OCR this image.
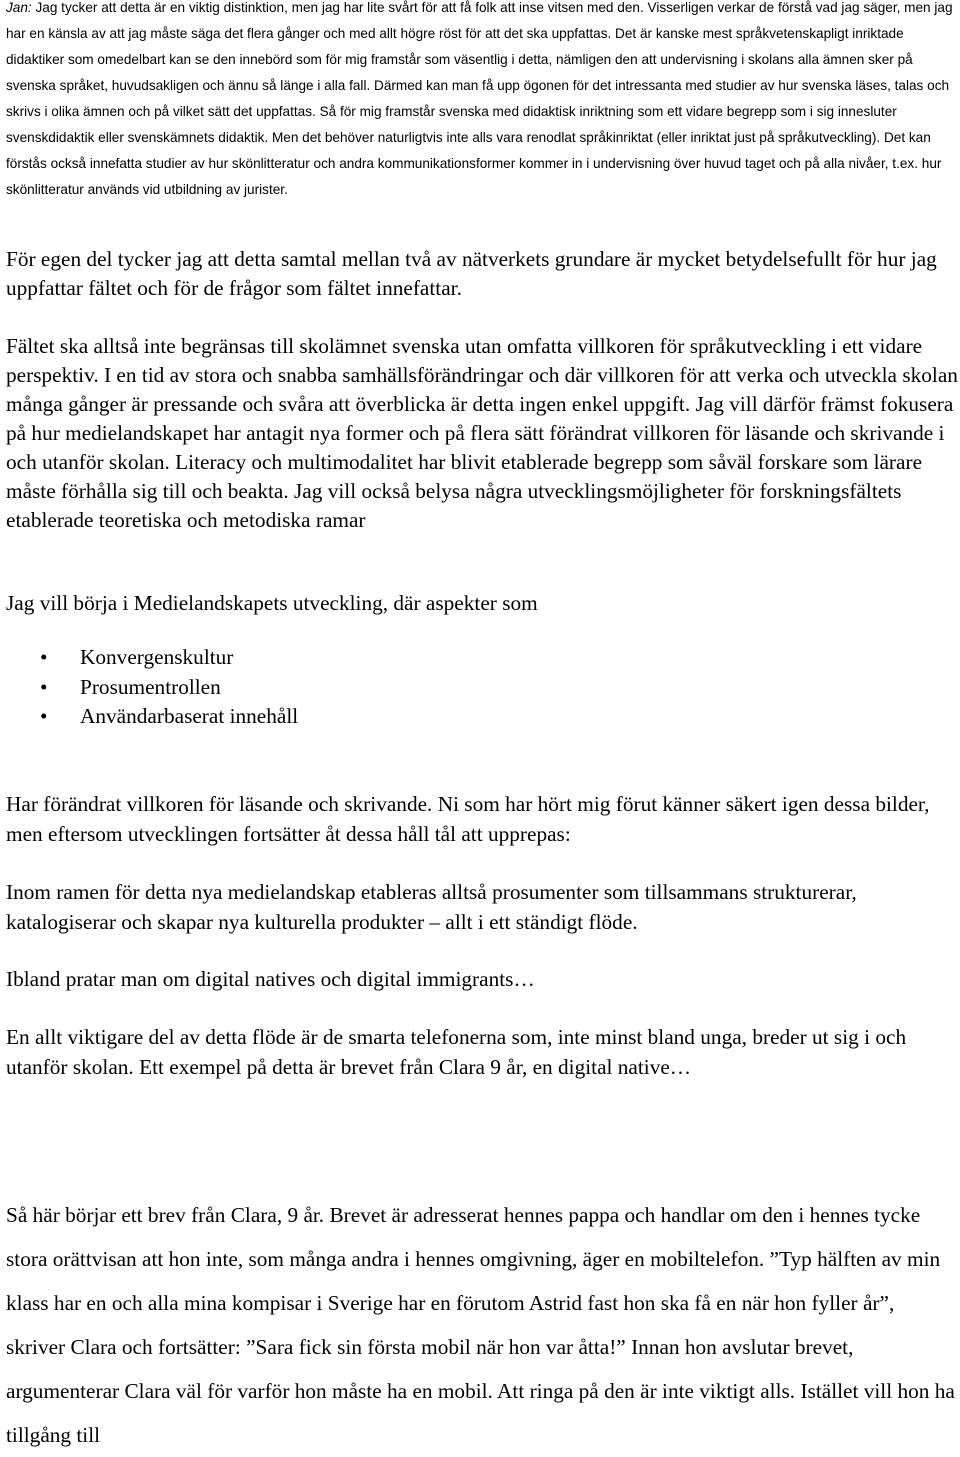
Jan: Jag tycker att detta är en viktig distinktion, men jag har lite svårt för att få folk att inse vitsen med den. Visserligen verkar de förstå vad jag säger, men jag har en känsla av att jag måste säga det flera gånger och med allt högre röst för att det ska uppfattas. Det är kanske mest språkvetenskapligt inriktade didaktiker som omedelbart kan se den innebörd som för mig framstår som väsentlig i detta, nämligen den att undervisning i skolans alla ämnen sker på svenska språket, huvudsakligen och ännu så länge i alla fall. Därmed kan man få upp ögonen för det intressanta med studier av hur svenska läses, talas och skrivs i olika ämnen och på vilket sätt det uppfattas. Så för mig framstår svenska med didaktisk inriktning som ett vidare begrepp som i sig innesluter svenskdidaktik eller svenskämnets didaktik. Men det behöver naturligtvis inte alls vara renodlat språkinriktat (eller inriktat just på språkutveckling). Det kan förstås också innefatta studier av hur skönlitteratur och andra kommunikationsformer kommer in i undervisning över huvud taget och på alla nivåer, t.ex. hur skönlitteratur används vid utbildning av jurister.

För egen del tycker jag att detta samtal mellan två av nätverkets grundare är mycket betydelsefullt för hur jag uppfattar fältet och för de frågor som fältet innefattar.

Fältet ska alltså inte begränsas till skolämnet svenska utan omfatta villkoren för språkutveckling i ett vidare perspektiv. I en tid av stora och snabba samhällsförändringar och där villkoren för att verka och utveckla skolan många gånger är pressande och svåra att överblicka är detta ingen enkel uppgift. Jag vill därför främst fokusera på hur medielandskapet har antagit nya former och på flera sätt förändrat villkoren för läsande och skrivande i och utanför skolan. Literacy och multimodalitet har blivit etablerade begrepp som såväl forskare som lärare måste förhålla sig till och beakta. Jag vill också belysa några utvecklingsmöjligheter för forskningsfältets etablerade teoretiska och metodiska ramar

Jag vill börja i Medielandskapets utveckling, där aspekter som

• Konvergenskultur
• Prosumentrollen
• Användarbaserat innehåll

Har förändrat villkoren för läsande och skrivande. Ni som har hört mig förut känner säkert igen dessa bilder, men eftersom utvecklingen fortsätter åt dessa håll tål att upprepas:

Inom ramen för detta nya medielandskap etableras alltså prosumenter som tillsammans strukturerar, katalogiserar och skapar nya kulturella produkter – allt i ett ständigt flöde.

Ibland pratar man om digital natives och digital immigrants…

En allt viktigare del av detta flöde är de smarta telefonerna som, inte minst bland unga, breder ut sig i och utanför skolan. Ett exempel på detta är brevet från Clara 9 år, en digital native…

Så här börjar ett brev från Clara, 9 år. Brevet är adresserat hennes pappa och handlar om den i hennes tycke stora orättvisan att hon inte, som många andra i hennes omgivning, äger en mobiltelefon. ”Typ hälften av min klass har en och alla mina kompisar i Sverige har en förutom Astrid fast hon ska få en när hon fyller år”, skriver Clara och fortsätter: ”Sara fick sin första mobil när hon var åtta!” Innan hon avslutar brevet, argumenterar Clara väl för varför hon måste ha en mobil. Att ringa på den är inte viktigt alls. Istället vill hon ha tillgång till
